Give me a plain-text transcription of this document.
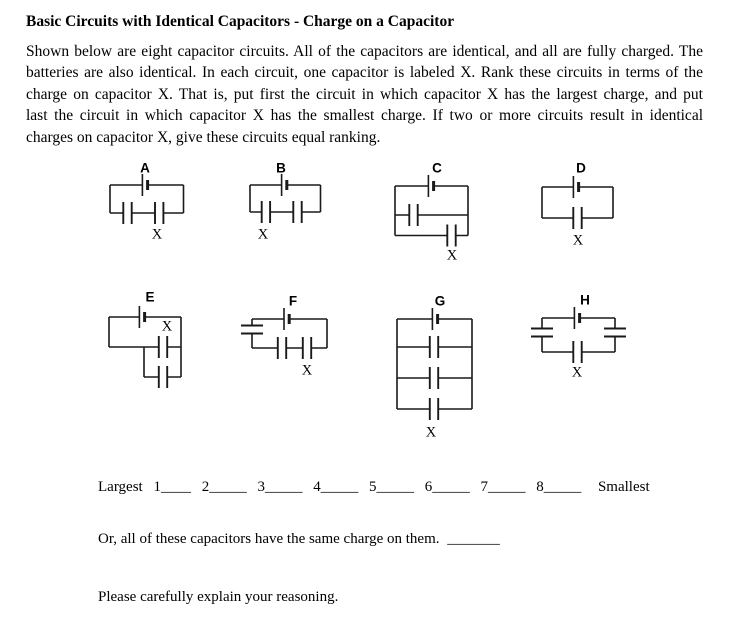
Basic Circuits with Identical Capacitors - Charge on a Capacitor
Shown below are eight capacitor circuits. All of the capacitors are identical, and all are fully charged. The
batteries are also identical. In each circuit, one capacitor is labeled X. Rank these circuits in terms of the
charge on capacitor X. That is, put first the circuit in which capacitor X has the largest charge, and put
last the circuit in which capacitor X has the smallest charge. If two or more circuits result in identical
charges on capacitor X, give these circuits equal ranking.
A	B	C	D
E	F	G	H
X	X
X
X
X
X
X
X
Largest 1____ 2_____ 3_____ 4_____ 5_____ 6_____ 7_____ 8_____ Smallest
Or, all of these capacitors have the same charge on them. _______
Please carefully explain your reasoning.
